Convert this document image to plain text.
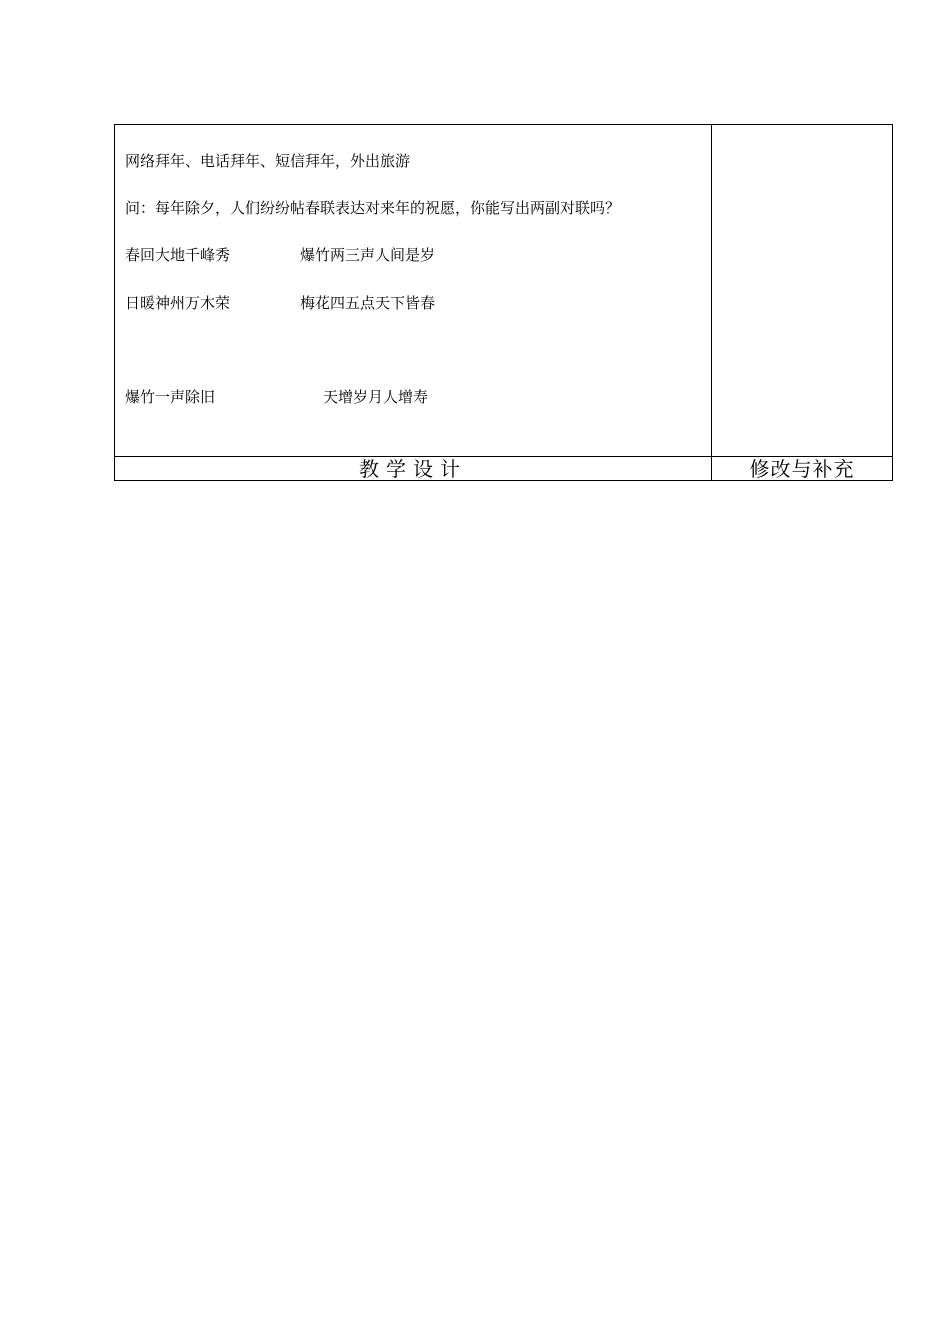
网络拜年、电话拜年、短信拜年，外出旅游
问：每年除夕，人们纷纷帖春联表达对来年的祝愿，你能写出两副对联吗？
春回大地千峰秀	爆竹两三声人间是岁
日暖神州万木荣	梅花四五点天下皆春
爆竹一声除旧	天增岁月人增寿
教学设计	修改与补充
